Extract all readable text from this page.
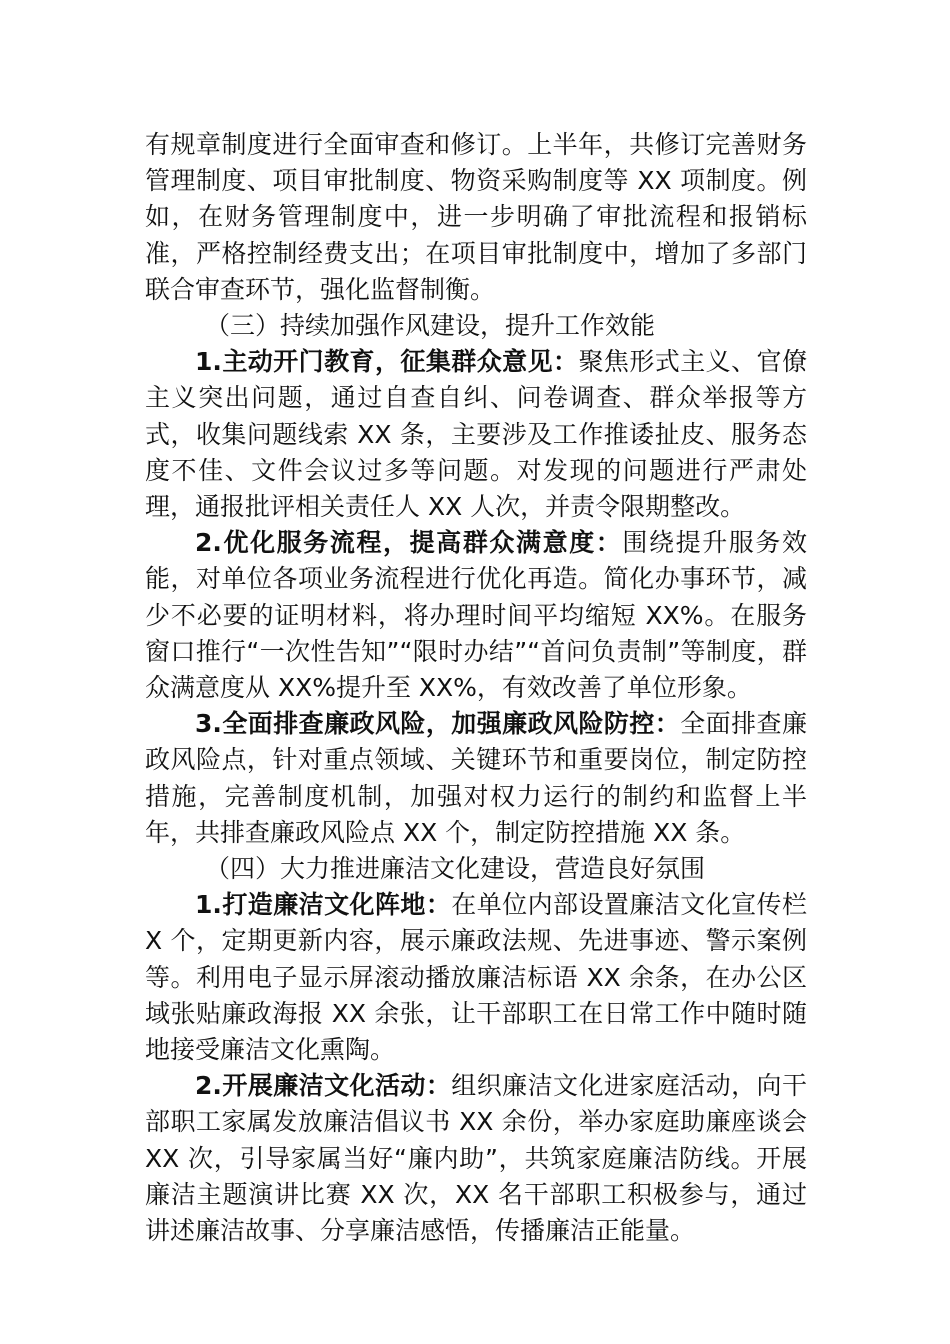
有规章制度进行全面审查和修订。上半年，共修订完善财务管理制度、项目审批制度、物资采购制度等 XX 项制度。例如，在财务管理制度中，进一步明确了审批流程和报销标准，严格控制经费支出；在项目审批制度中，增加了多部门联合审查环节，强化监督制衡。

（三）持续加强作风建设，提升工作效能

1.主动开门教育，征集群众意见：聚焦形式主义、官僚主义突出问题，通过自查自纠、问卷调查、群众举报等方式，收集问题线索 XX 条，主要涉及工作推诿扯皮、服务态度不佳、文件会议过多等问题。对发现的问题进行严肃处理，通报批评相关责任人 XX 人次，并责令限期整改。

2.优化服务流程，提高群众满意度：围绕提升服务效能，对单位各项业务流程进行优化再造。简化办事环节，减少不必要的证明材料，将办理时间平均缩短 XX%。在服务窗口推行“一次性告知”“限时办结”“首问负责制”等制度，群众满意度从 XX%提升至 XX%，有效改善了单位形象。

3.全面排查廉政风险，加强廉政风险防控：全面排查廉政风险点，针对重点领域、关键环节和重要岗位，制定防控措施，完善制度机制，加强对权力运行的制约和监督上半年，共排查廉政风险点 XX 个，制定防控措施 XX 条。

（四）大力推进廉洁文化建设，营造良好氛围

1.打造廉洁文化阵地：在单位内部设置廉洁文化宣传栏 X 个，定期更新内容，展示廉政法规、先进事迹、警示案例等。利用电子显示屏滚动播放廉洁标语 XX 余条，在办公区域张贴廉政海报 XX 余张，让干部职工在日常工作中随时随地接受廉洁文化熏陶。

2.开展廉洁文化活动：组织廉洁文化进家庭活动，向干部职工家属发放廉洁倡议书 XX 余份，举办家庭助廉座谈会 XX 次，引导家属当好“廉内助”，共筑家庭廉洁防线。开展廉洁主题演讲比赛 XX 次，XX 名干部职工积极参与，通过讲述廉洁故事、分享廉洁感悟，传播廉洁正能量。
